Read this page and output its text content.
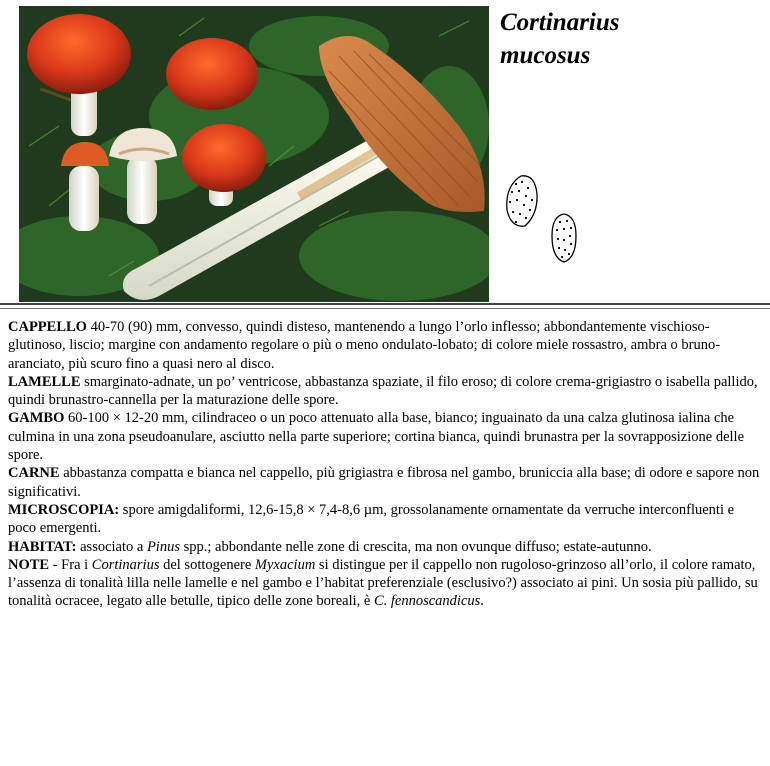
Cortinarius
mucosus

CAPPELLO 40-70 (90) mm, convesso, quindi disteso, mantenendo a lungo l’orlo inflesso; abbondantemente vischioso-glutinoso, liscio; margine con andamento regolare o più o meno ondulato-lobato; di colore miele rossastro, ambra o bruno-aranciato, più scuro fino a quasi nero al disco.

LAMELLE smarginato-adnate, un po’ ventricose, abbastanza spaziate, il filo eroso; di colore crema-grigiastro o isabella pallido, quindi brunastro-cannella per la maturazione delle spore.

GAMBO 60-100 × 12-20 mm, cilindraceo o un poco attenuato alla base, bianco; inguainato da una calza glutinosa ialina che culmina in una zona pseudoanulare, asciutto nella parte superiore; cortina bianca, quindi brunastra per la sovrapposizione delle spore.

CARNE abbastanza compatta e bianca nel cappello, più grigiastra e fibrosa nel gambo, bruniccia alla base; di odore e sapore non significativi.

MICROSCOPIA: spore amigdaliformi, 12,6-15,8 × 7,4-8,6 µm, grossolanamente ornamentate da verruche interconfluenti e poco emergenti.

HABITAT: associato a Pinus spp.; abbondante nelle zone di crescita, ma non ovunque diffuso; estate-autunno.

NOTE - Fra i Cortinarius del sottogenere Myxacium si distingue per il cappello non rugoloso-grinzoso all’orlo, il colore ramato, l’assenza di tonalità lilla nelle lamelle e nel gambo e l’habitat preferenziale (esclusivo?) associato ai pini. Un sosia più pallido, su tonalità ocracee, legato alle betulle, tipico delle zone boreali, è C. fennoscandicus.
